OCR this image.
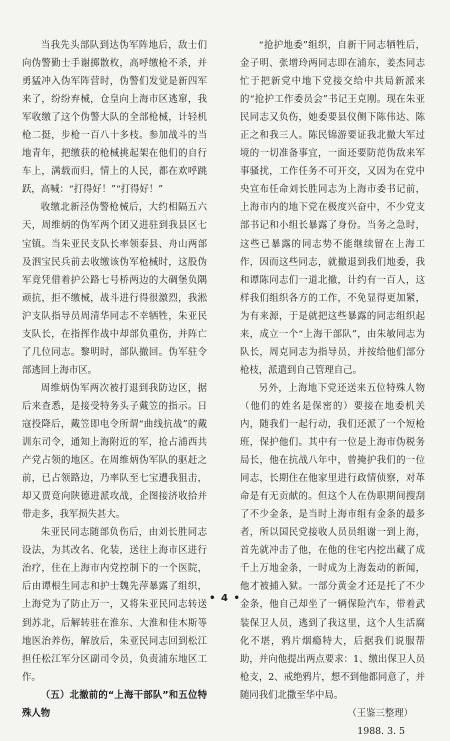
当我先头部队到达伪军阵地后，敌士们向伪警勤士手谢掷散枚，高呼缴枪不杀，并勇猛冲入伪军阵营时，伪警们发觉是新四军来了，纷纷弃械，仓皇向上海市区逃窜，我军收缴了这个伪警大队的全部枪械，计轻机枪二挺，步枪一百八十多枝。参加战斗的当地青年，把缴获的枪械挑起架在他们的自行车上，满载而归，情上的人民，都在欢呼跳跃，高喊：“打得好！”“打得好！”

收缴北新泾伪警枪械后，大约相隔五六天，周维炳的伪军两个团又进驻到我县区七宝镇。当朱亚民支队长率领泰县、舟山两部及泗宝民兵前去收缴该伪军枪械时，这股伪军竟凭借着护公路七号桥两边的大碉堡负隅顽抗，拒不缴械，战斗进行得很激烈，我淞沪支队指导员周清华同志不幸牺牲，朱亚民支队长，在指挥作战中却部负重伤，并阵亡了几位同志。黎明时，部队撤回。伪军驻令部逃回上海市区。

周维炳伪军两次被打退到我防边区，据后来查悉，是接受特务头子戴笠的指示。日寇投降后，戴笠即电令所谓“曲线抗战”的戴训东司令，通知上海附近的军，抢占浦西共产党占领的地区。在周维炳伪军队的驱赶之前，已占领路边，乃率队至七宝遭我狙击，却又贾竟向陕德进派攻战，企图接济收拾并带走多，我军损失甚大。

朱亚民同志随部负伤后，由刘长胜同志设法，为其改名、化装，送往上海市区进行治疗，住在上海市内党控制下的一个医院，后由谭根生同志和护士魏先萍暴露了组织，上海党为了防止万一，又将朱亚民同志转送到苏北，后解转驻在淮东、大淮和佳木斯等地医治养伤，解放后，朱亚民同志回到松江担任松江军分区副司令员，负责浦东地区工作。

（五）北撤前的“上海干部队”和五位特殊人物

“抢护地委”组织，自新干同志牺牲后，金子明、张增玲两同志即在浦东，姜杰同志忙于把新党中地下党接交给中共局新派来的“抢护工作委员会”书记王克刚。现在朱亚民同志又负伤，她委要县仪侧下陈伟达、陈正之和我三人。陈民锦游要证我北撤大军过境的一切准备事宜，一面还要防范伪敌来军事骚扰，工作任务不可开交，又因为在党中央宣布任命刘长胜同志为上海市委书记前，上海市内的地下党在极度兴奋中，不少党支部书记和小组长暴露了身份。当务之急时，这些已暴露的同志势不能继续留在上海工作，因而这些同志，就撤退到我们地委，我和谭陈同志们一道北撤，计约有一百人，这样我们组织各方的工作，不免显得更加紧，为有来源，于是就把这些暴露的同志组织起来，成立一个“上海干部队”，由朱敏同志为队长，周克同志为指导员，并按给他们部分枪枝，派遣到自己管理自己。

另外，上海地下党还送来五位特殊人物（他们的姓名是保密的）要接在地委机关内，随我们一起行动，我们还派了一个短枪班，保护他们。其中有一位是上海市伪税务局长，他在抗战八年中，曾掩护我们的一位同志，长期住在他家里进行政情侦察，对革命是有无贡献的。但这个人在伪职期间搜刮了不少金条，是当时上海市组有金条的最多者，所以国民党接收人员员组谢一到上海，首先就冲击了他，在他的住宅内挖出藏了成千上万地金条，一时成为上海轰动的新闻，他才被捕入狱。一部分黄金才还是托了不少金条，他自己却坐了一辆保险汽车，带着武装保卫人员，逃到了我这里，这个人生活腐化不堪，鸦片烟瘾特大，后据我们说服帮助，并向他提出两点要求：1、缴出保卫人员枪支，2、戒绝鸦片，想不到他都同意了，并随同我们北撒至华中局。

（王鉴三整理）

1988. 3. 5

• 4 •
